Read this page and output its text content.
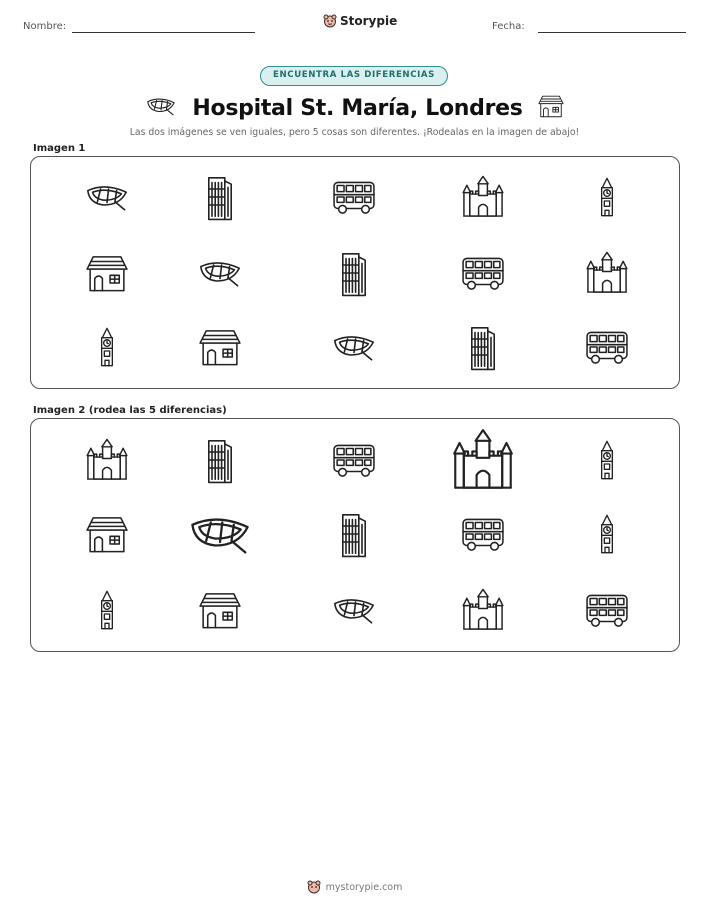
Nombre:	Storypie	Fecha:
ENCUENTRA LAS DIFERENCIAS
Hospital St. María, Londres
Las dos imágenes se ven iguales, pero 5 cosas son diferentes. ¡Rodealas en la imagen de abajo!
Imagen 1
Imagen 2 (rodea las 5 diferencias)
mystorypie.com
